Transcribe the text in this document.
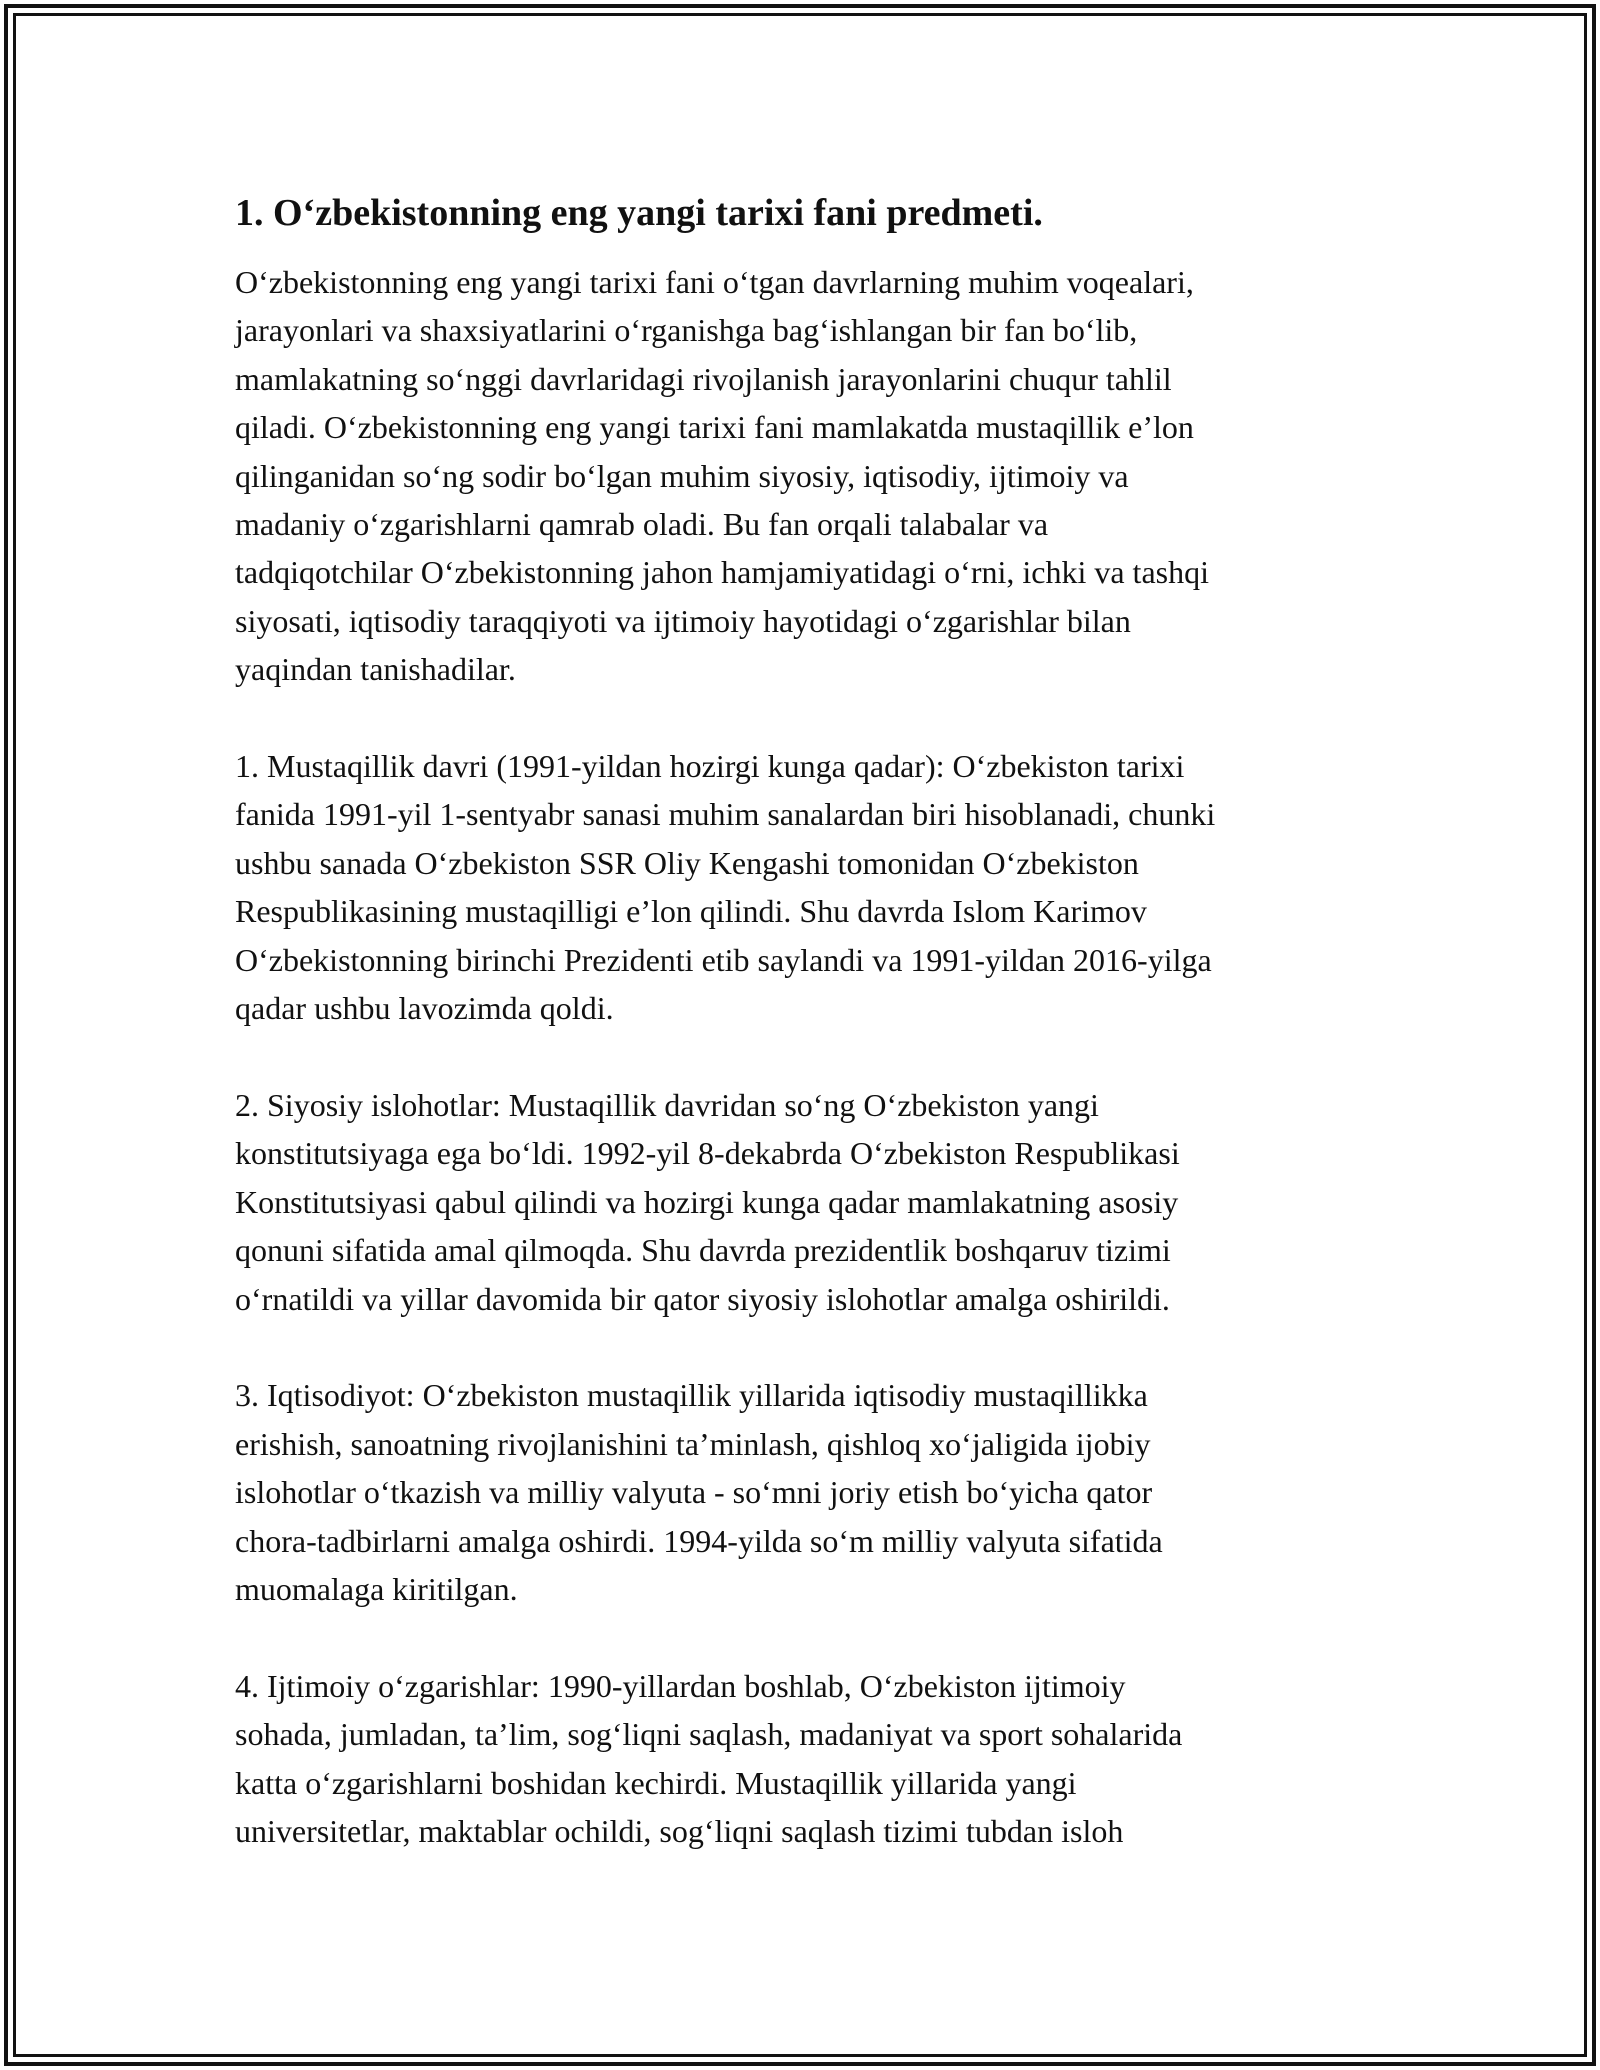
1. O‘zbekistonning eng yangi tarixi fani predmeti.

O‘zbekistonning eng yangi tarixi fani o‘tgan davrlarning muhim voqealari,
jarayonlari va shaxsiyatlarini o‘rganishga bag‘ishlangan bir fan bo‘lib,
mamlakatning so‘nggi davrlaridagi rivojlanish jarayonlarini chuqur tahlil
qiladi. O‘zbekistonning eng yangi tarixi fani mamlakatda mustaqillik e’lon
qilinganidan so‘ng sodir bo‘lgan muhim siyosiy, iqtisodiy, ijtimoiy va
madaniy o‘zgarishlarni qamrab oladi. Bu fan orqali talabalar va
tadqiqotchilar O‘zbekistonning jahon hamjamiyatidagi o‘rni, ichki va tashqi
siyosati, iqtisodiy taraqqiyoti va ijtimoiy hayotidagi o‘zgarishlar bilan
yaqindan tanishadilar.

1. Mustaqillik davri (1991-yildan hozirgi kunga qadar): O‘zbekiston tarixi
fanida 1991-yil 1-sentyabr sanasi muhim sanalardan biri hisoblanadi, chunki
ushbu sanada O‘zbekiston SSR Oliy Kengashi tomonidan O‘zbekiston
Respublikasining mustaqilligi e’lon qilindi. Shu davrda Islom Karimov
O‘zbekistonning birinchi Prezidenti etib saylandi va 1991-yildan 2016-yilga
qadar ushbu lavozimda qoldi.

2. Siyosiy islohotlar: Mustaqillik davridan so‘ng O‘zbekiston yangi
konstitutsiyaga ega bo‘ldi. 1992-yil 8-dekabrda O‘zbekiston Respublikasi
Konstitutsiyasi qabul qilindi va hozirgi kunga qadar mamlakatning asosiy
qonuni sifatida amal qilmoqda. Shu davrda prezidentlik boshqaruv tizimi
o‘rnatildi va yillar davomida bir qator siyosiy islohotlar amalga oshirildi.

3. Iqtisodiyot: O‘zbekiston mustaqillik yillarida iqtisodiy mustaqillikka
erishish, sanoatning rivojlanishini ta’minlash, qishloq xo‘jaligida ijobiy
islohotlar o‘tkazish va milliy valyuta - so‘mni joriy etish bo‘yicha qator
chora-tadbirlarni amalga oshirdi. 1994-yilda so‘m milliy valyuta sifatida
muomalaga kiritilgan.

4. Ijtimoiy o‘zgarishlar: 1990-yillardan boshlab, O‘zbekiston ijtimoiy
sohada, jumladan, ta’lim, sog‘liqni saqlash, madaniyat va sport sohalarida
katta o‘zgarishlarni boshidan kechirdi. Mustaqillik yillarida yangi
universitetlar, maktablar ochildi, sog‘liqni saqlash tizimi tubdan isloh
